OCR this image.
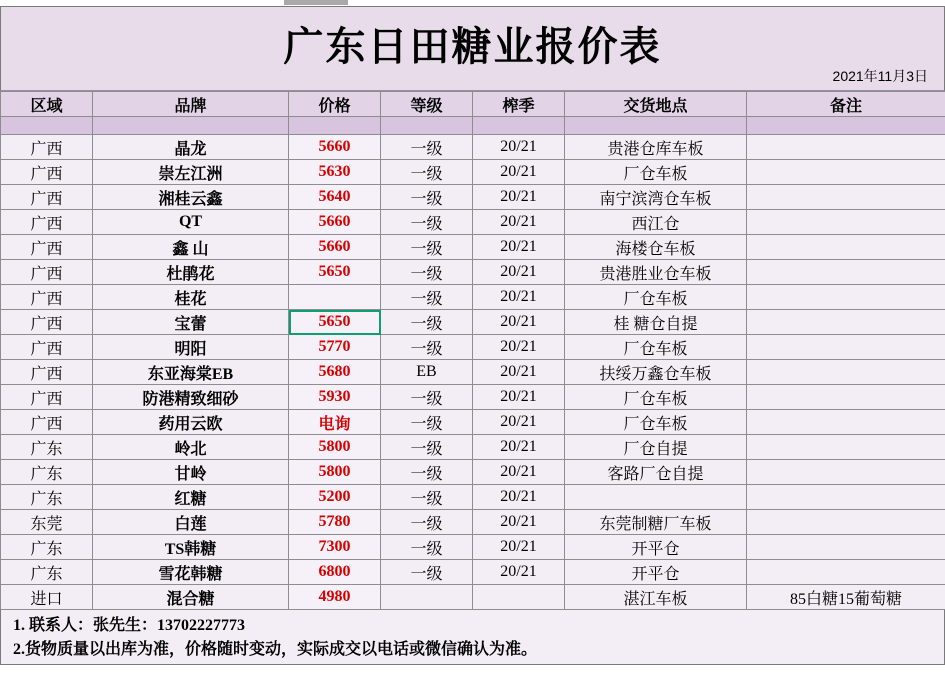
广东日田糖业报价表
2021年11月3日
区域	品牌	价格	等级	榨季	交货地点	备注

广西	晶龙	5660	一级	20/21	贵港仓库车板	
广西	崇左江洲	5630	一级	20/21	厂仓车板	
广西	湘桂云鑫	5640	一级	20/21	南宁滨湾仓车板	
广西	QT	5660	一级	20/21	西江仓	
广西	鑫 山	5660	一级	20/21	海楼仓车板	
广西	杜鹃花	5650	一级	20/21	贵港胜业仓车板	
广西	桂花		一级	20/21	厂仓车板	
广西	宝蕾	5650	一级	20/21	桂 糖仓自提	
广西	明阳	5770	一级	20/21	厂仓车板	
广西	东亚海棠EB	5680	EB	20/21	扶绥万鑫仓车板	
广西	防港精致细砂	5930	一级	20/21	厂仓车板	
广西	药用云欧	电询	一级	20/21	厂仓车板	
广东	岭北	5800	一级	20/21	厂仓自提	
广东	甘岭	5800	一级	20/21	客路厂仓自提	
广东	红糖	5200	一级	20/21		
东莞	白莲	5780	一级	20/21	东莞制糖厂车板	
广东	TS韩糖	7300	一级	20/21	开平仓	
广东	雪花韩糖	6800	一级	20/21	开平仓	
进口	混合糖	4980			湛江车板	85白糖15葡萄糖
1. 联系人：张先生：13702227773
2.货物质量以出库为准，价格随时变动，实际成交以电话或微信确认为准。
